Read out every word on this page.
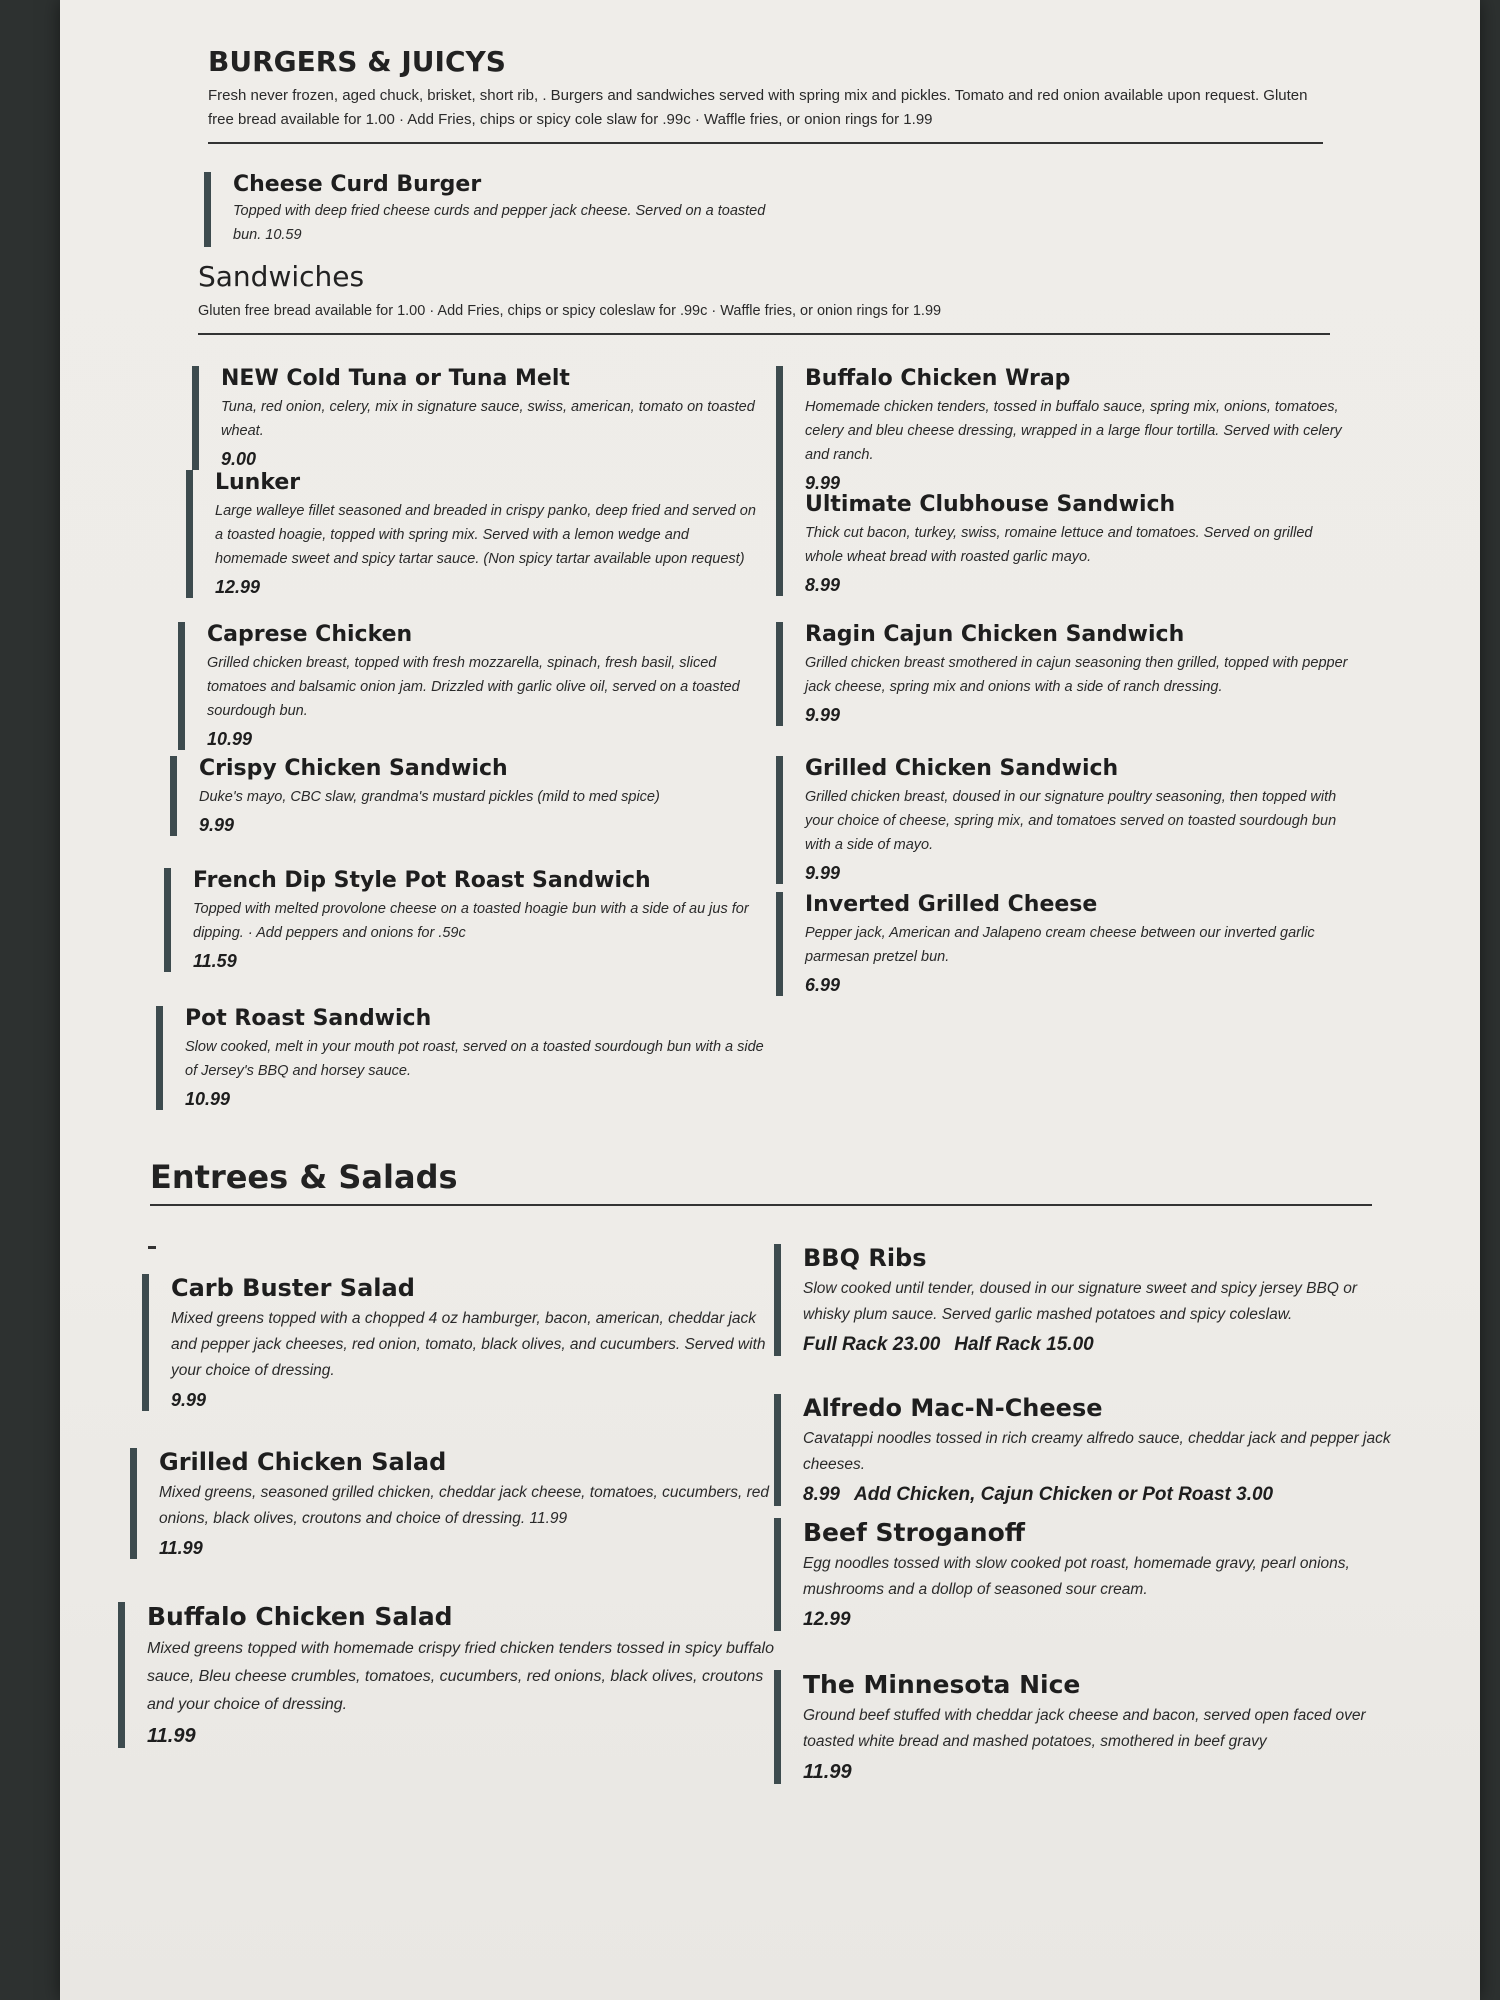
BURGERS & JUICYS

Fresh never frozen, aged chuck, brisket, short rib, . Burgers and sandwiches served with spring mix and pickles. Tomato and red onion available upon request. Gluten free bread available for 1.00 · Add Fries, chips or spicy cole slaw for .99c · Waffle fries, or onion rings for 1.99

Cheese Curd Burger

Topped with deep fried cheese curds and pepper jack cheese. Served on a toasted bun. 10.59

Sandwiches

Gluten free bread available for 1.00 · Add Fries, chips or spicy coleslaw for .99c · Waffle fries, or onion rings for 1.99

NEW Cold Tuna or Tuna Melt

Tuna, red onion, celery, mix in signature sauce, swiss, american, tomato on toasted wheat.

9.00

Lunker

Large walleye fillet seasoned and breaded in crispy panko, deep fried and served on a toasted hoagie, topped with spring mix. Served with a lemon wedge and homemade sweet and spicy tartar sauce. (Non spicy tartar available upon request)

12.99

Caprese Chicken

Grilled chicken breast, topped with fresh mozzarella, spinach, fresh basil, sliced tomatoes and balsamic onion jam. Drizzled with garlic olive oil, served on a toasted sourdough bun.

10.99

Crispy Chicken Sandwich

Duke's mayo, CBC slaw, grandma's mustard pickles (mild to med spice)

9.99

French Dip Style Pot Roast Sandwich

Topped with melted provolone cheese on a toasted hoagie bun with a side of au jus for dipping. · Add peppers and onions for .59c

11.59

Pot Roast Sandwich

Slow cooked, melt in your mouth pot roast, served on a toasted sourdough bun with a side of Jersey's BBQ and horsey sauce.

10.99

Buffalo Chicken Wrap

Homemade chicken tenders, tossed in buffalo sauce, spring mix, onions, tomatoes, celery and bleu cheese dressing, wrapped in a large flour tortilla. Served with celery and ranch.

9.99

Ultimate Clubhouse Sandwich

Thick cut bacon, turkey, swiss, romaine lettuce and tomatoes. Served on grilled whole wheat bread with roasted garlic mayo.

8.99

Ragin Cajun Chicken Sandwich

Grilled chicken breast smothered in cajun seasoning then grilled, topped with pepper jack cheese, spring mix and onions with a side of ranch dressing.

9.99

Grilled Chicken Sandwich

Grilled chicken breast, doused in our signature poultry seasoning, then topped with your choice of cheese, spring mix, and tomatoes served on toasted sourdough bun with a side of mayo.

9.99

Inverted Grilled Cheese

Pepper jack, American and Jalapeno cream cheese between our inverted garlic parmesan pretzel bun.

6.99

Entrees & Salads
Carb Buster Salad

Mixed greens topped with a chopped 4 oz hamburger, bacon, american, cheddar jack and pepper jack cheeses, red onion, tomato, black olives, and cucumbers. Served with your choice of dressing.

9.99

Grilled Chicken Salad

Mixed greens, seasoned grilled chicken, cheddar jack cheese, tomatoes, cucumbers, red onions, black olives, croutons and choice of dressing. 11.99

11.99

Buffalo Chicken Salad

Mixed greens topped with homemade crispy fried chicken tenders tossed in spicy buffalo sauce, Bleu cheese crumbles, tomatoes, cucumbers, red onions, black olives, croutons and your choice of dressing.

11.99

BBQ Ribs

Slow cooked until tender, doused in our signature sweet and spicy jersey BBQ or whisky plum sauce. Served garlic mashed potatoes and spicy coleslaw.

Full Rack 23.00 Half Rack 15.00

Alfredo Mac-N-Cheese

Cavatappi noodles tossed in rich creamy alfredo sauce, cheddar jack and pepper jack cheeses.

8.99 Add Chicken, Cajun Chicken or Pot Roast 3.00

Beef Stroganoff

Egg noodles tossed with slow cooked pot roast, homemade gravy, pearl onions, mushrooms and a dollop of seasoned sour cream.

12.99

The Minnesota Nice

Ground beef stuffed with cheddar jack cheese and bacon, served open faced over toasted white bread and mashed potatoes, smothered in beef gravy

11.99
